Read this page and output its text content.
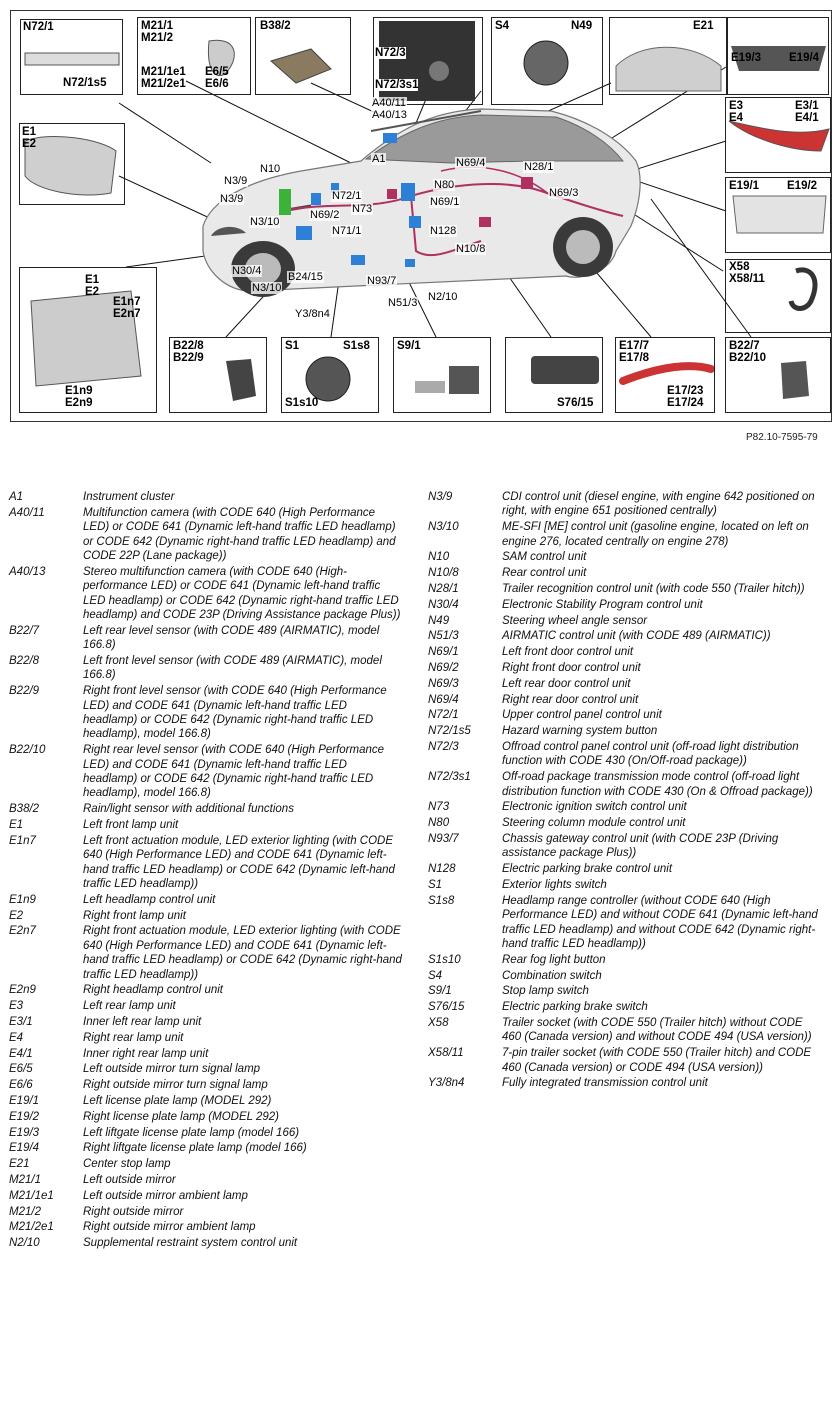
N72/1
N72/1s5
M21/1
M21/2
M21/1e1
M21/2e1
E6/5
E6/6
B38/2
N72/3
N72/3s1
S4	N49	E21
E19/3 E19/4
E3
E4
E3/1
E4/1
E19/1 E19/2
X58
X58/11
B22/7
B22/10
E17/7
E17/8
E17/23
E17/24
S76/15
S9/1
S1	S1s8
S1s10
B22/8
B22/9
E1
E2
E1n7
E2n7
E1n9
E2n9
E1
E2
A40/11
A40/13
A1
N10
N3/9
N3/9
N3/10
N3/10
N72/1
N73
N69/2
N71/1
N30/4 B24/15
Y3/8n4
N93/7
N51/3 N2/10
N10/8
N128
N69/1
N80
N69/4	N28/1
N69/3
P82.10-7595-79
A1	Instrument cluster
A40/11	Multifunction camera (with CODE 640 (High Performance LED) or CODE 641 (Dynamic left-hand traffic LED headlamp) or CODE 642 (Dynamic right-hand traffic LED headlamp) and CODE 22P (Lane package))
A40/13	Stereo multifunction camera (with CODE 640 (High-performance LED) or CODE 641 (Dynamic left-hand traffic LED headlamp) or CODE 642 (Dynamic right-hand traffic LED headlamp) and CODE 23P (Driving Assistance package Plus))
B22/7	Left rear level sensor (with CODE 489 (AIRMATIC), model 166.8)
B22/8	Left front level sensor (with CODE 489 (AIRMATIC), model 166.8)
B22/9	Right front level sensor (with CODE 640 (High Performance LED) and CODE 641 (Dynamic left-hand traffic LED headlamp) or CODE 642 (Dynamic right-hand traffic LED headlamp), model 166.8)
B22/10	Right rear level sensor (with CODE 640 (High Performance LED) and CODE 641 (Dynamic left-hand traffic LED headlamp) or CODE 642 (Dynamic right-hand traffic LED headlamp), model 166.8)
B38/2	Rain/light sensor with additional functions
E1	Left front lamp unit
E1n7	Left front actuation module, LED exterior lighting (with CODE 640 (High Performance LED) and CODE 641 (Dynamic left-hand traffic LED headlamp) or CODE 642 (Dynamic left-hand traffic LED headlamp))
E1n9	Left headlamp control unit
E2	Right front lamp unit
E2n7	Right front actuation module, LED exterior lighting (with CODE 640 (High Performance LED) and CODE 641 (Dynamic left-hand traffic LED headlamp) or CODE 642 (Dynamic right-hand traffic LED headlamp))
E2n9	Right headlamp control unit
E3	Left rear lamp unit
E3/1	Inner left rear lamp unit
E4	Right rear lamp unit
E4/1	Inner right rear lamp unit
E6/5	Left outside mirror turn signal lamp
E6/6	Right outside mirror turn signal lamp
E19/1	Left license plate lamp (MODEL 292)
E19/2	Right license plate lamp (MODEL 292)
E19/3	Left liftgate license plate lamp (model 166)
E19/4	Right liftgate license plate lamp (model 166)
E21	Center stop lamp
M21/1	Left outside mirror
M21/1e1	Left outside mirror ambient lamp
M21/2	Right outside mirror
M21/2e1	Right outside mirror ambient lamp
N2/10	Supplemental restraint system control unit
N3/9	CDI control unit (diesel engine, with engine 642 positioned on right, with engine 651 positioned centrally)
N3/10	ME-SFI [ME] control unit (gasoline engine, located on left on engine 276, located centrally on engine 278)
N10	SAM control unit
N10/8	Rear control unit
N28/1	Trailer recognition control unit (with code 550 (Trailer hitch))
N30/4	Electronic Stability Program control unit
N49	Steering wheel angle sensor
N51/3	AIRMATIC control unit (with CODE 489 (AIRMATIC))
N69/1	Left front door control unit
N69/2	Right front door control unit
N69/3	Left rear door control unit
N69/4	Right rear door control unit
N72/1	Upper control panel control unit
N72/1s5	Hazard warning system button
N72/3	Offroad control panel control unit (off-road light distribution function with CODE 430 (On/Off-road package))
N72/3s1	Off-road package transmission mode control (off-road light distribution function with CODE 430 (On & Offroad package))
N73	Electronic ignition switch control unit
N80	Steering column module control unit
N93/7	Chassis gateway control unit (with CODE 23P (Driving assistance package Plus))
N128	Electric parking brake control unit
S1	Exterior lights switch
S1s8	Headlamp range controller (without CODE 640 (High Performance LED) and without CODE 641 (Dynamic left-hand traffic LED headlamp) and without CODE 642 (Dynamic right-hand traffic LED headlamp))
S1s10	Rear fog light button
S4	Combination switch
S9/1	Stop lamp switch
S76/15	Electric parking brake switch
X58	Trailer socket (with CODE 550 (Trailer hitch) without CODE 460 (Canada version) and without CODE 494 (USA version))
X58/11	7-pin trailer socket (with CODE 550 (Trailer hitch) and CODE 460 (Canada version) or CODE 494 (USA version))
Y3/8n4	Fully integrated transmission control unit
